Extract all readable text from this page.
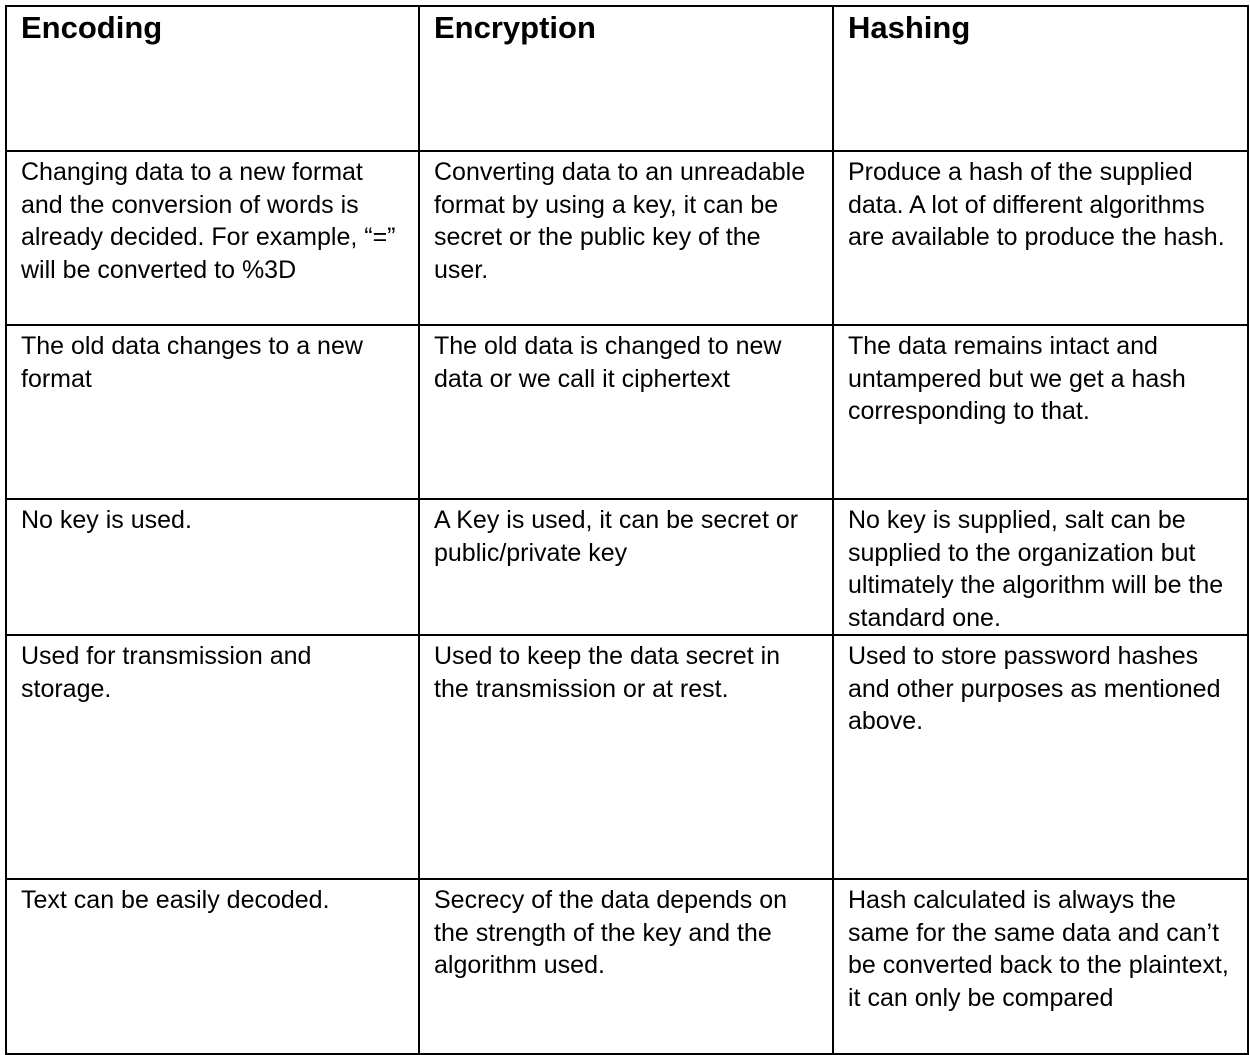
Encoding	Encryption	Hashing
Changing data to a new format and the conversion of words is already decided. For example, “=” will be converted to %3D	Converting data to an unreadable format by using a key, it can be secret or the public key of the user.	Produce a hash of the supplied data. A lot of different algorithms are available to produce the hash.
The old data changes to a new format	The old data is changed to new data or we call it ciphertext	The data remains intact and untampered but we get a hash corresponding to that.
No key is used.	A Key is used, it can be secret or public/private key	No key is supplied, salt can be supplied to the organization but ultimately the algorithm will be the standard one.
Used for transmission and storage.	Used to keep the data secret in the transmission or at rest.	Used to store password hashes and other purposes as mentioned above.
Text can be easily decoded.	Secrecy of the data depends on the strength of the key and the algorithm used.	Hash calculated is always the same for the same data and can’t be converted back to the plaintext, it can only be compared
